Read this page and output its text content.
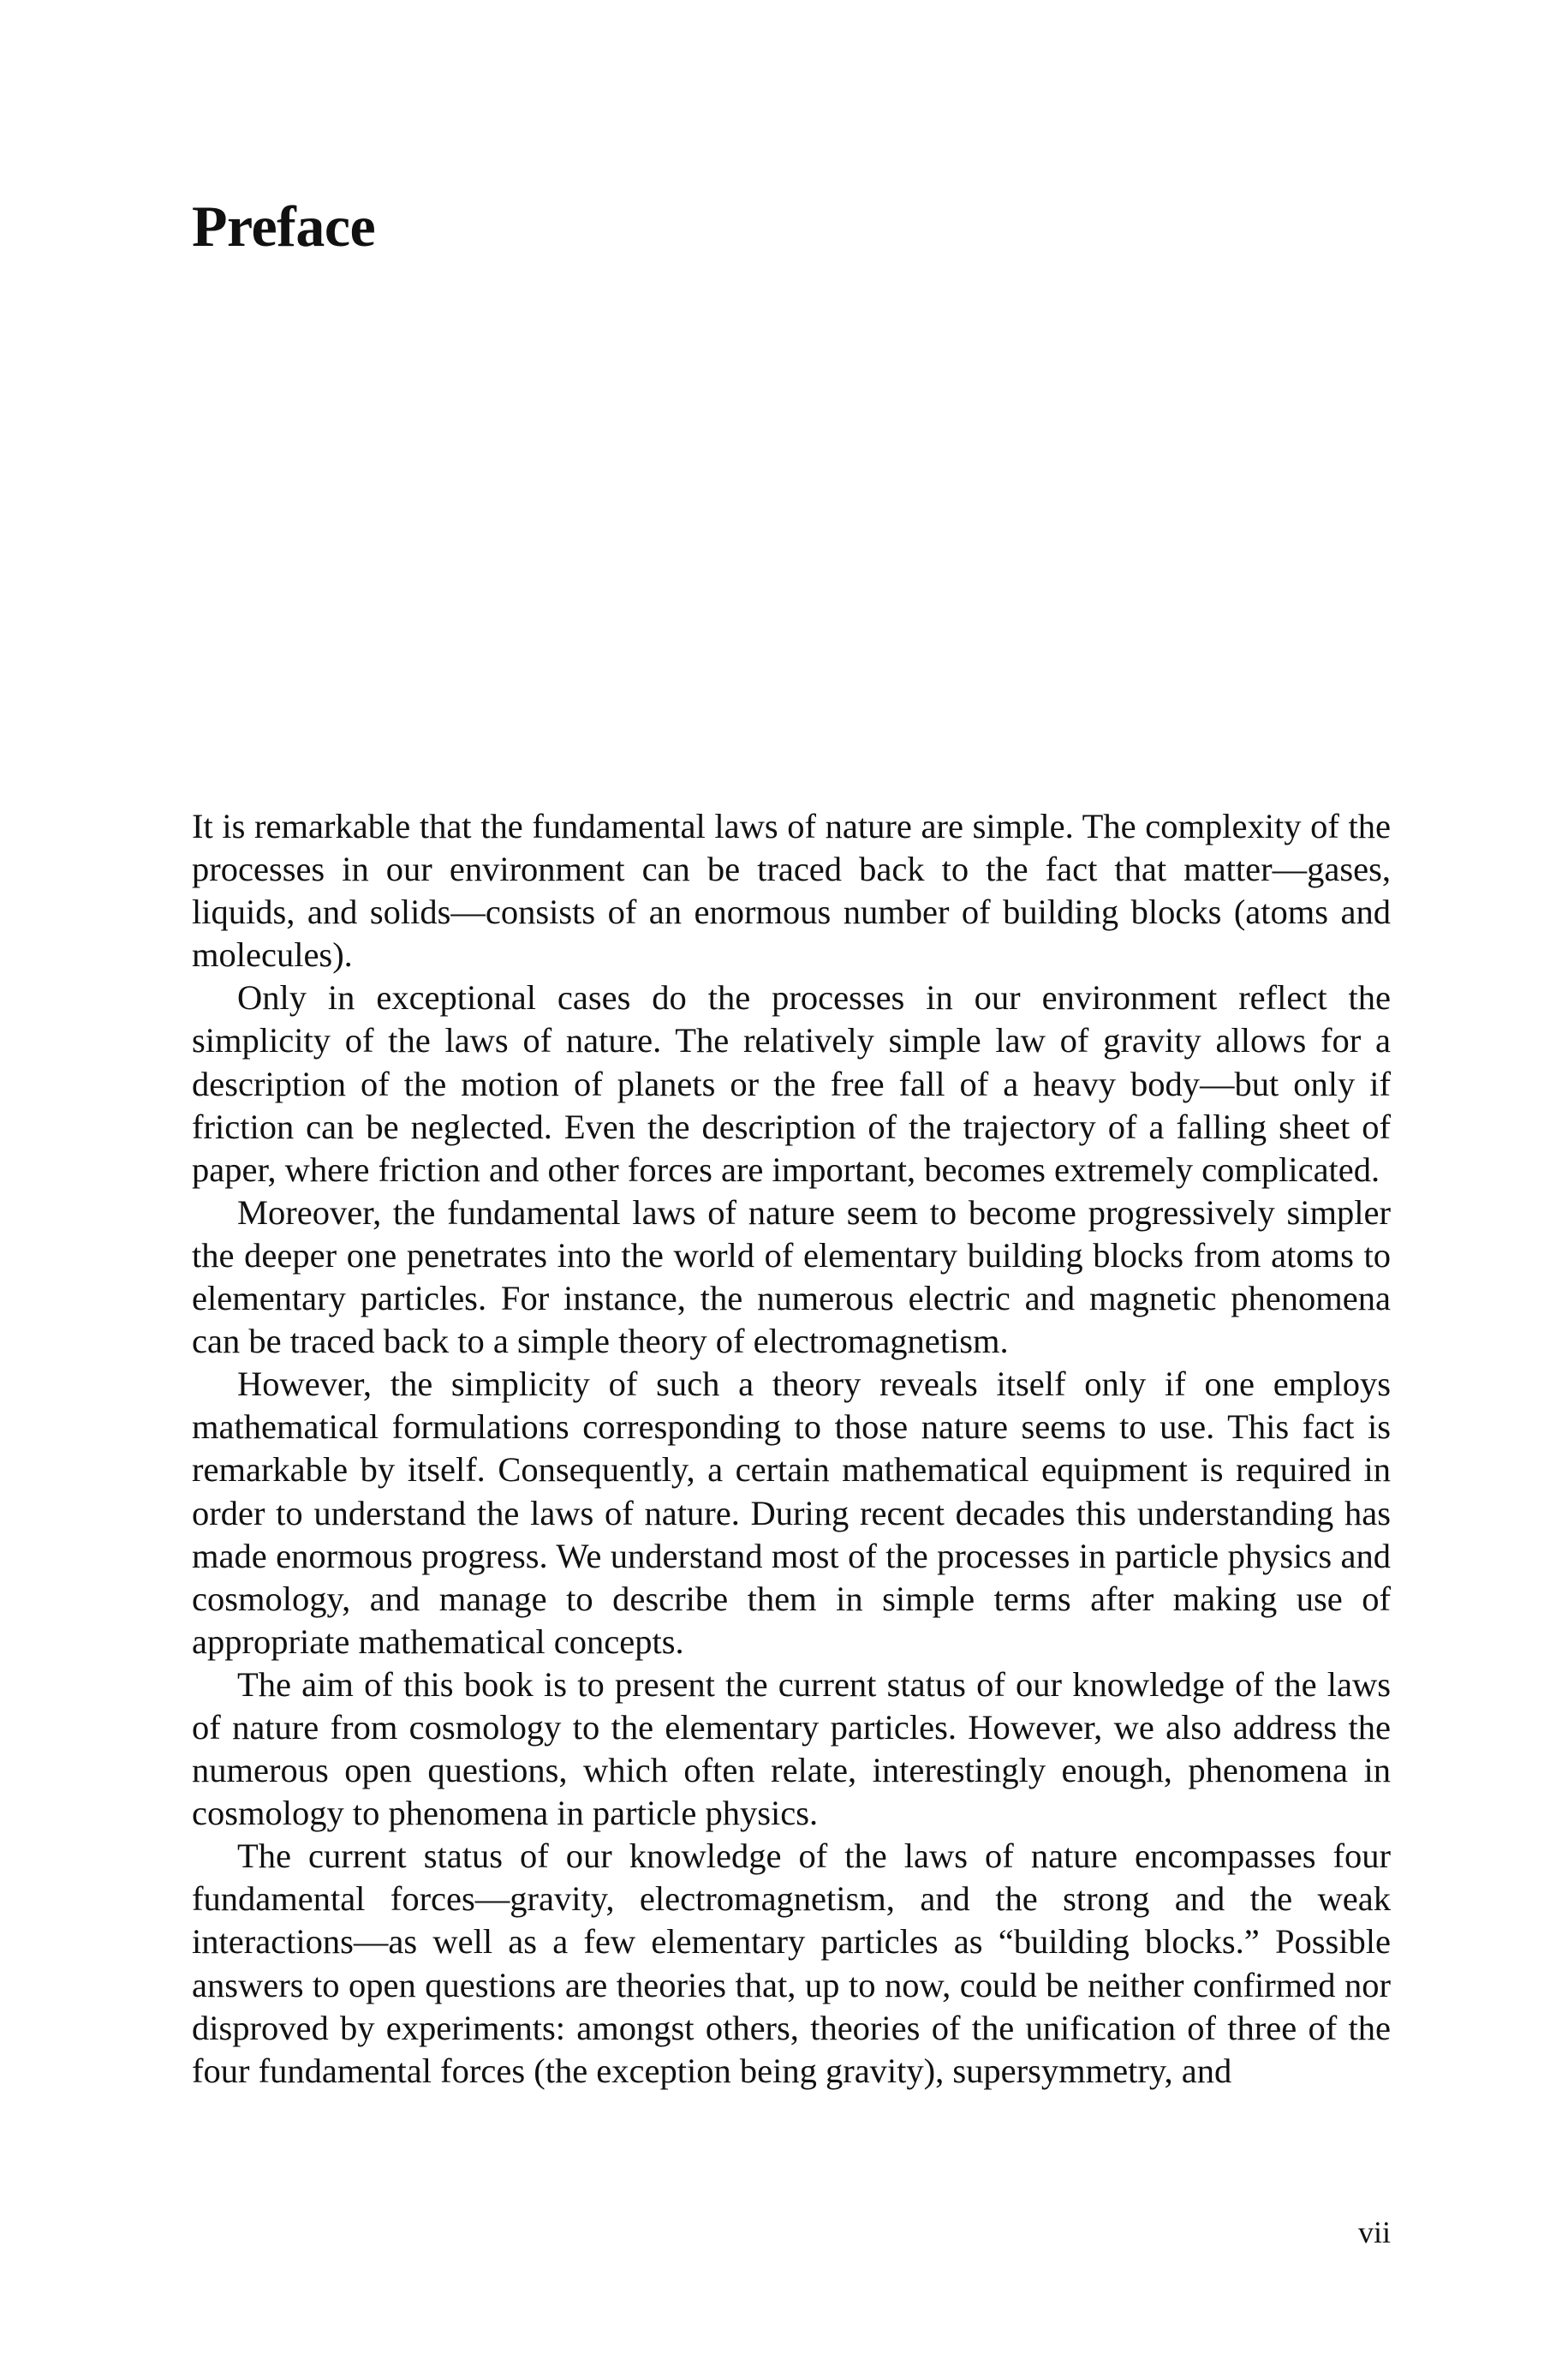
Preface

It is remarkable that the fundamental laws of nature are simple. The complexity of the processes in our environment can be traced back to the fact that matter—gases, liquids, and solids—consists of an enormous number of building blocks (atoms and molecules).

Only in exceptional cases do the processes in our environment reflect the simplicity of the laws of nature. The relatively simple law of gravity allows for a description of the motion of planets or the free fall of a heavy body—but only if friction can be neglected. Even the description of the trajectory of a falling sheet of paper, where friction and other forces are important, becomes extremely complicated.

Moreover, the fundamental laws of nature seem to become progressively simpler the deeper one penetrates into the world of elementary building blocks from atoms to elementary particles. For instance, the numerous electric and magnetic phenomena can be traced back to a simple theory of electromagnetism.

However, the simplicity of such a theory reveals itself only if one employs mathematical formulations corresponding to those nature seems to use. This fact is remarkable by itself. Consequently, a certain mathematical equipment is required in order to understand the laws of nature. During recent decades this understanding has made enormous progress. We understand most of the processes in particle physics and cosmology, and manage to describe them in simple terms after making use of appropriate mathematical concepts.

The aim of this book is to present the current status of our knowledge of the laws of nature from cosmology to the elementary particles. However, we also address the numerous open questions, which often relate, interestingly enough, phenomena in cosmology to phenomena in particle physics.

The current status of our knowledge of the laws of nature encompasses four fundamental forces—gravity, electromagnetism, and the strong and the weak interactions—as well as a few elementary particles as “building blocks.” Possible answers to open questions are theories that, up to now, could be neither confirmed nor disproved by experiments: amongst others, theories of the unification of three of the four fundamental forces (the exception being gravity), supersymmetry, and

vii
